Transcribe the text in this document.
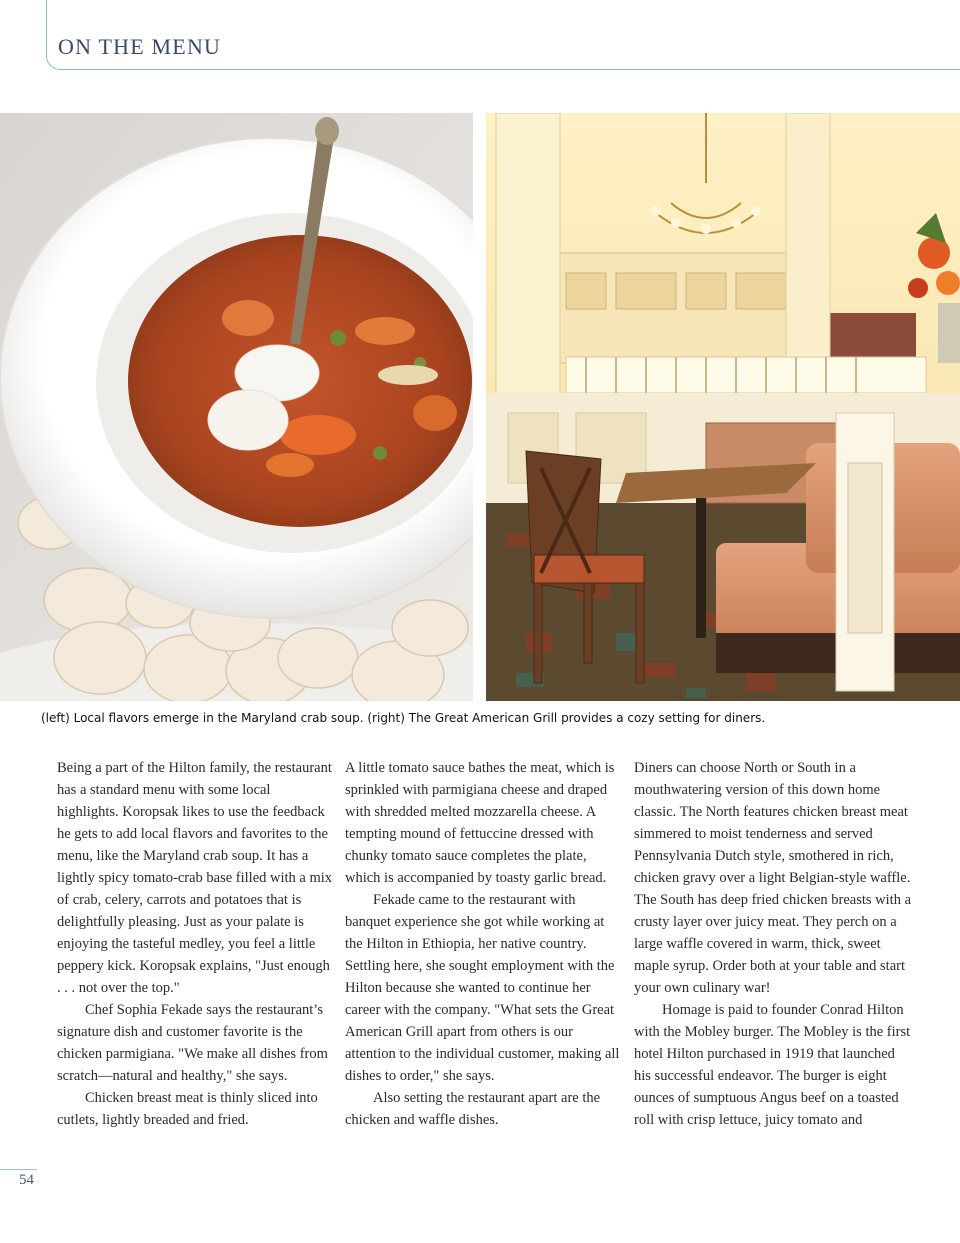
ON THE MENU
(left) Local flavors emerge in the Maryland crab soup. (right) The Great American Grill provides a cozy setting for diners.

Being a part of the Hilton family, the restaurant has a standard menu with some local highlights. Koropsak likes to use the feedback he gets to add local flavors and favorites to the menu, like the Maryland crab soup. It has a lightly spicy tomato-crab base filled with a mix of crab, celery, carrots and potatoes that is delightfully pleasing. Just as your palate is enjoying the tasteful medley, you feel a little peppery kick. Koropsak explains, "Just enough . . . not over the top."

Chef Sophia Fekade says the restaurant’s signature dish and customer favorite is the chicken parmigiana. "We make all dishes from scratch—natural and healthy," she says.

Chicken breast meat is thinly sliced into cutlets, lightly breaded and fried.

A little tomato sauce bathes the meat, which is sprinkled with parmigiana cheese and draped with shredded melted mozzarella cheese. A tempting mound of fettuccine dressed with chunky tomato sauce completes the plate, which is accompanied by toasty garlic bread.

Fekade came to the restaurant with banquet experience she got while working at the Hilton in Ethiopia, her native country. Settling here, she sought employment with the Hilton because she wanted to continue her career with the company. "What sets the Great American Grill apart from others is our attention to the individual customer, making all dishes to order," she says.

Also setting the restaurant apart are the chicken and waffle dishes.

Diners can choose North or South in a mouthwatering version of this down home classic. The North features chicken breast meat simmered to moist tenderness and served Pennsylvania Dutch style, smothered in rich, chicken gravy over a light Belgian-style waffle. The South has deep fried chicken breasts with a crusty layer over juicy meat. They perch on a large waffle covered in warm, thick, sweet maple syrup. Order both at your table and start your own culinary war!

Homage is paid to founder Conrad Hilton with the Mobley burger. The Mobley is the first hotel Hilton purchased in 1919 that launched his successful endeavor. The burger is eight ounces of sumptuous Angus beef on a toasted roll with crisp lettuce, juicy tomato and

54
